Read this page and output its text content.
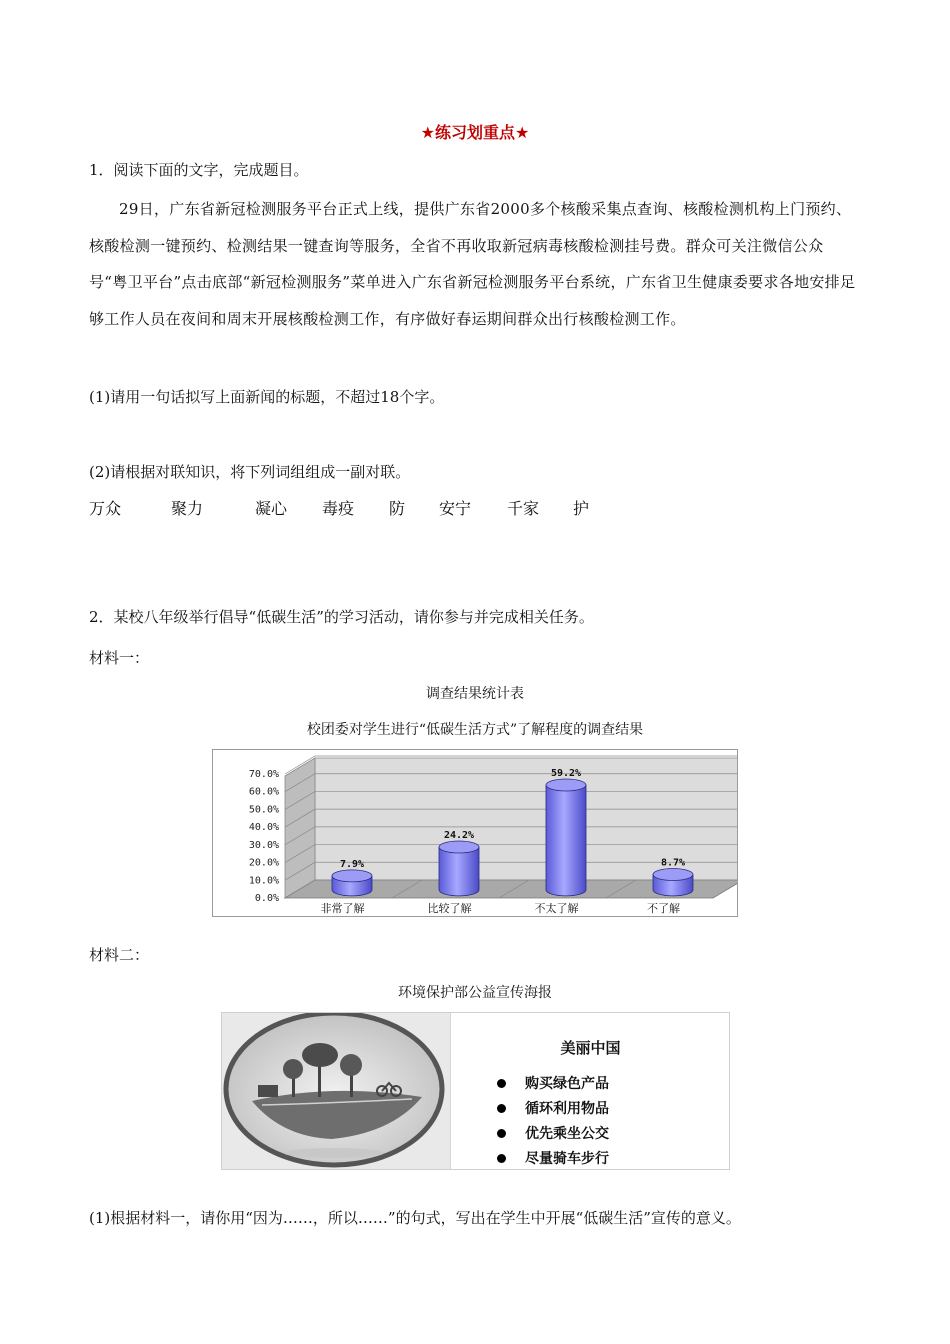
★练习划重点★
1．阅读下面的文字，完成题目。
29日，广东省新冠检测服务平台正式上线，提供广东省2000多个核酸采集点查询、核酸检测机构上门预约、核酸检测一键预约、检测结果一键查询等服务，全省不再收取新冠病毒核酸检测挂号费。群众可关注微信公众号“粤卫平台”点击底部“新冠检测服务”菜单进入广东省新冠检测服务平台系统，广东省卫生健康委要求各地安排足够工作人员在夜间和周末开展核酸检测工作，有序做好春运期间群众出行核酸检测工作。
(1)请用一句话拟写上面新闻的标题，不超过18个字。
(2)请根据对联知识，将下列词组组成一副对联。
万众	聚力	凝心 毒疫 防 安宁 千家 护
2．某校八年级举行倡导“低碳生活”的学习活动，请你参与并完成相关任务。
材料一：
调查结果统计表
校团委对学生进行“低碳生活方式”了解程度的调查结果
0.0%
10.0%
20.0%
30.0%
40.0%
50.0%
60.0%
70.0%
7.9%
24.2%
59.2%
8.7%
非常了解	比较了解	不太了解	不了解
材料二：
环境保护部公益宣传海报
美丽中国
购买绿色产品
循环利用物品
优先乘坐公交
尽量骑车步行
(1)根据材料一，请你用“因为……，所以……”的句式，写出在学生中开展“低碳生活”宣传的意义。
